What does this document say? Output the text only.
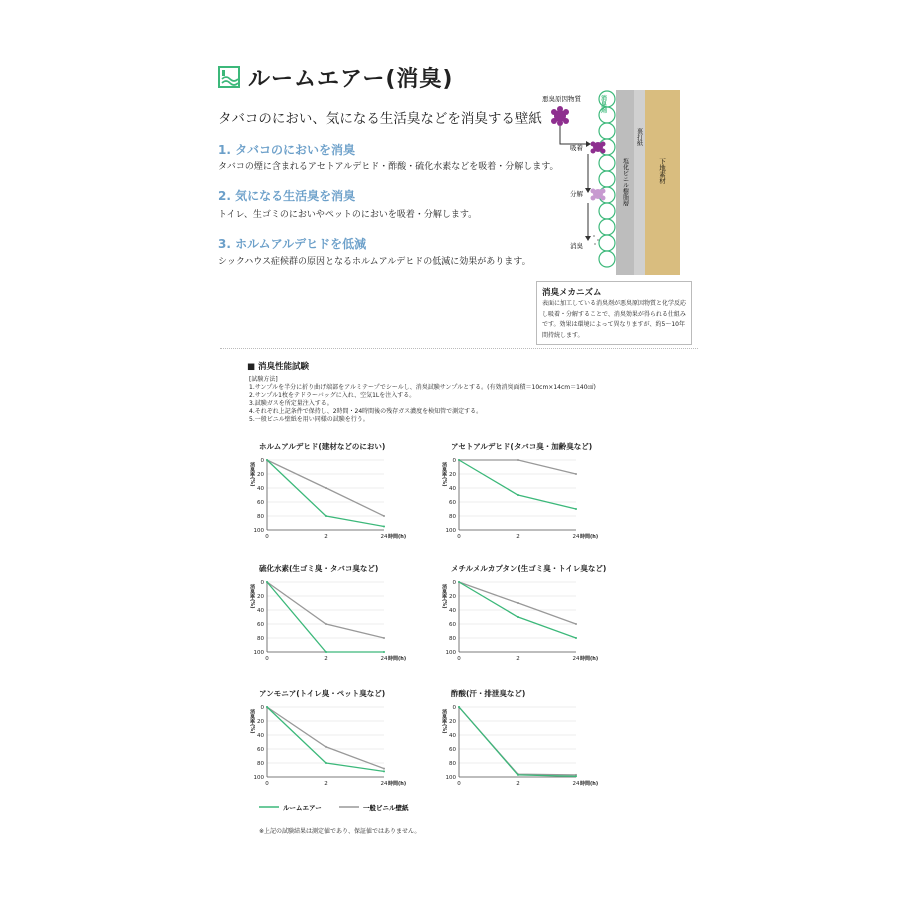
ルームエアー(消臭)
タバコのにおい、気になる生活臭などを消臭する壁紙
1. タバコのにおいを消臭
タバコの煙に含まれるアセトアルデヒド・酢酸・硫化水素などを吸着・分解します。
2. 気になる生活臭を消臭
トイレ、生ゴミのにおいやペットのにおいを吸着・分解します。
3. ホルムアルデヒドを低減
シックハウス症候群の原因となるホルムアルデヒドの低減に効果があります。
悪臭原因物質
吸着
分解
消臭
消臭剤
塩化ビニル樹脂層
裏打紙
下地素材
消臭メカニズム
表面に加工している消臭剤が悪臭原因物質と化学反応し吸着・分解することで、消臭効果が得られる仕組みです。効果は環境によって異なりますが、約5～10年間持続します。
■ 消臭性能試験
[試験方法]
1.サンプルを半分に折り曲げ端部をアルミテープでシールし、消臭試験サンプルとする。(有効消臭面積＝10cm×14cm＝140㎠)
2.サンプル1枚をテドラーバッグに入れ、空気1Lを注入する。
3.試験ガスを所定量注入する。
4.それぞれ上記条件で保持し、2時間・24時間後の残存ガス濃度を検知管で測定する。
5.一般ビニル壁紙を用い同様の試験を行う。
ホルムアルデヒド(建材などのにおい)
0
20
40
60
80
100
0	2	24
消臭率(%)
時間(h)
アセトアルデヒド(タバコ臭・加齢臭など)
0
20
40
60
80
100
0	2	24
消臭率(%)
時間(h)
硫化水素(生ゴミ臭・タバコ臭など)
0
20
40
60
80
100
0	2	24
消臭率(%)
時間(h)
メチルメルカプタン(生ゴミ臭・トイレ臭など)
0
20
40
60
80
100
0	2	24
消臭率(%)
時間(h)
アンモニア(トイレ臭・ペット臭など)
0
20
40
60
80
100
0	2	24
消臭率(%)
時間(h)
酢酸(汗・排泄臭など)
0
20
40
60
80
100
0	2	24
消臭率(%)
時間(h)
ルームエアー	一般ビニル壁紙
※上記の試験結果は測定値であり、保証値ではありません。
